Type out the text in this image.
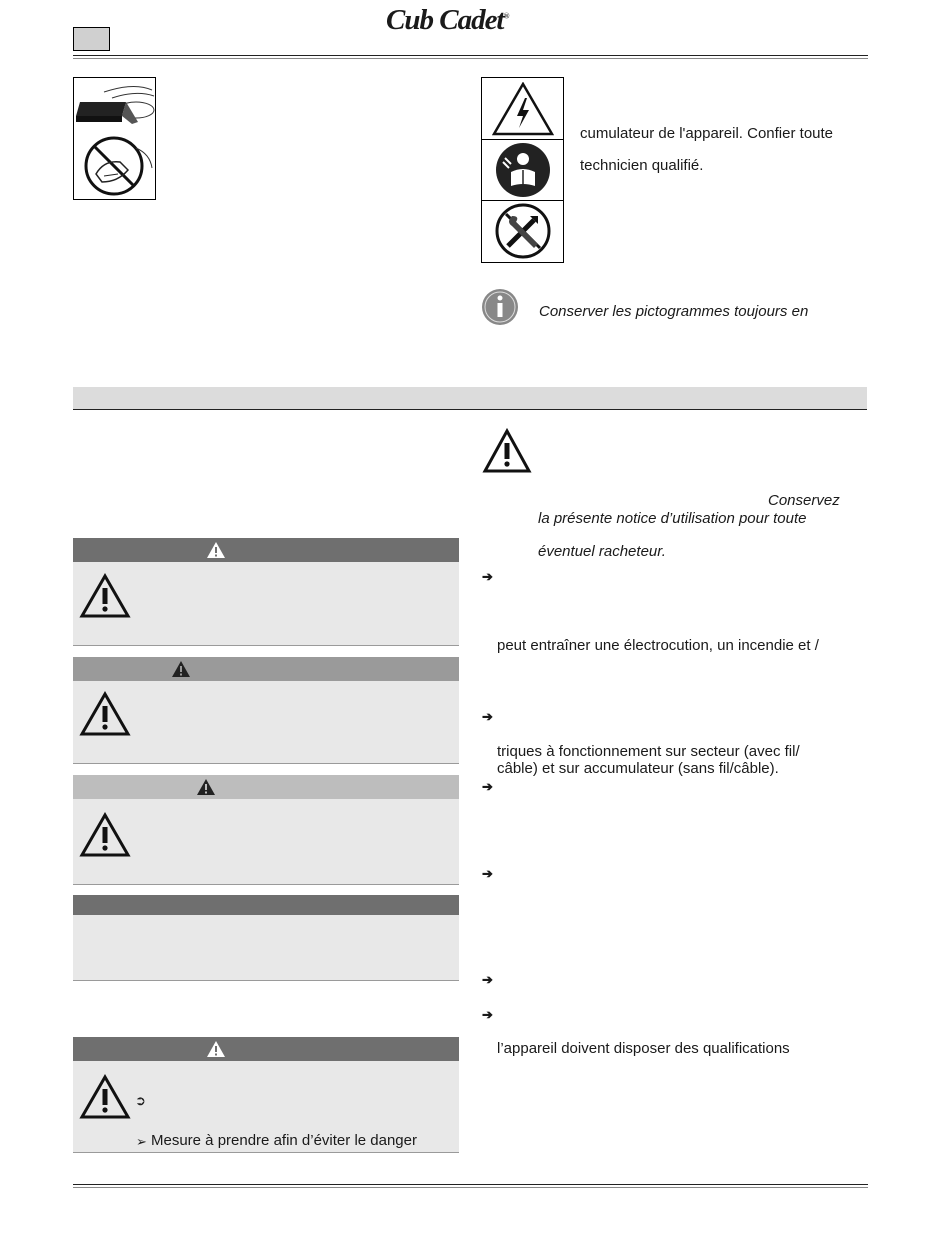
Cub Cadet®
cumulateur de l'appareil. Confier toute
technicien qualifié.
Conserver les pictogrammes toujours en
Conservez
la présente notice d’utilisation pour toute
éventuel racheteur.
➔
peut entraîner une électrocution, un incendie et /
➔
triques à fonctionnement sur secteur (avec fil/
câble) et sur accumulateur (sans fil/câble).
➔
➔
➔
➔
l’appareil doivent disposer des qualifications
➲
➢ Mesure à prendre afin d’éviter le danger
